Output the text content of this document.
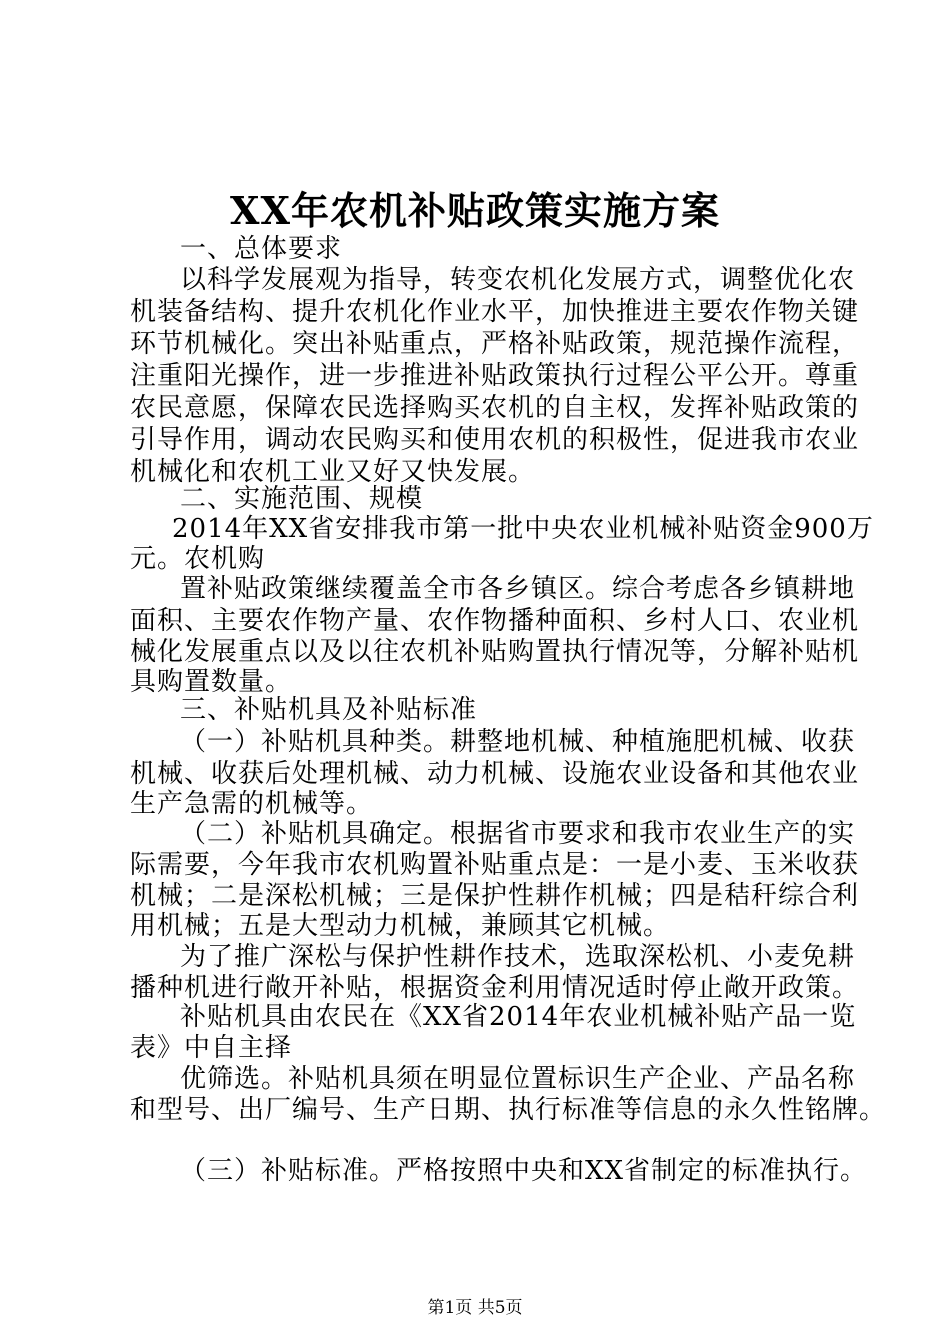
XX年农机补贴政策实施方案
一、总体要求
以科学发展观为指导，转变农机化发展方式，调整优化农
机装备结构、提升农机化作业水平，加快推进主要农作物关键
环节机械化。突出补贴重点，严格补贴政策，规范操作流程，
注重阳光操作，进一步推进补贴政策执行过程公平公开。尊重
农民意愿，保障农民选择购买农机的自主权，发挥补贴政策的
引导作用，调动农民购买和使用农机的积极性，促进我市农业
机械化和农机工业又好又快发展。
二、实施范围、规模
2014年XX省安排我市第一批中央农业机械补贴资金900万
元。农机购
置补贴政策继续覆盖全市各乡镇区。综合考虑各乡镇耕地
面积、主要农作物产量、农作物播种面积、乡村人口、农业机
械化发展重点以及以往农机补贴购置执行情况等，分解补贴机
具购置数量。
三、补贴机具及补贴标准
（一）补贴机具种类。耕整地机械、种植施肥机械、收获
机械、收获后处理机械、动力机械、设施农业设备和其他农业
生产急需的机械等。
（二）补贴机具确定。根据省市要求和我市农业生产的实
际需要，今年我市农机购置补贴重点是：一是小麦、玉米收获
机械；二是深松机械；三是保护性耕作机械；四是秸秆综合利
用机械；五是大型动力机械，兼顾其它机械。
为了推广深松与保护性耕作技术，选取深松机、小麦免耕
播种机进行敞开补贴，根据资金利用情况适时停止敞开政策。
补贴机具由农民在《XX省2014年农业机械补贴产品一览
表》中自主择
优筛选。补贴机具须在明显位置标识生产企业、产品名称
和型号、出厂编号、生产日期、执行标准等信息的永久性铭牌。
（三）补贴标准。严格按照中央和XX省制定的标准执行。
第1页 共5页
